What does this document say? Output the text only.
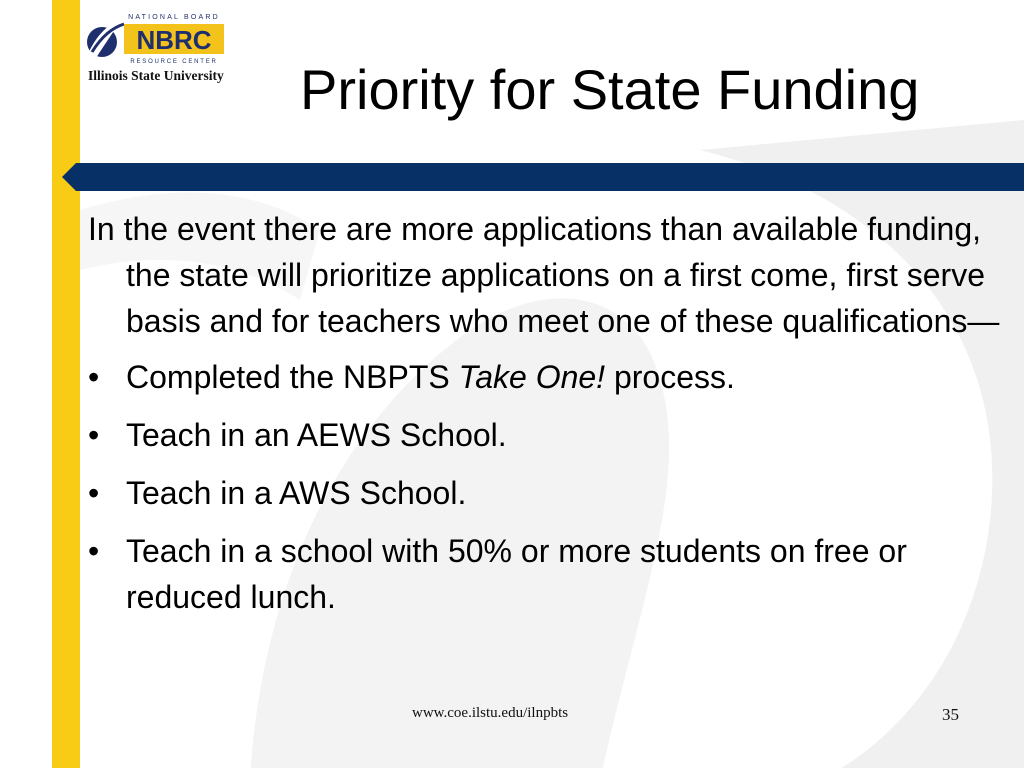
NATIONAL BOARD
NBRC
RESOURCE CENTER
Illinois State University	Priority for State Funding

In the event there are more applications than available funding, the state will prioritize applications on a first come, first serve basis and for teachers who meet one of these qualifications—

• Completed the NBPTS Take One! process.
• Teach in an AEWS School.
• Teach in a AWS School.
• Teach in a school with 50% or more students on free or reduced lunch.
www.coe.ilstu.edu/ilnpbts	35
